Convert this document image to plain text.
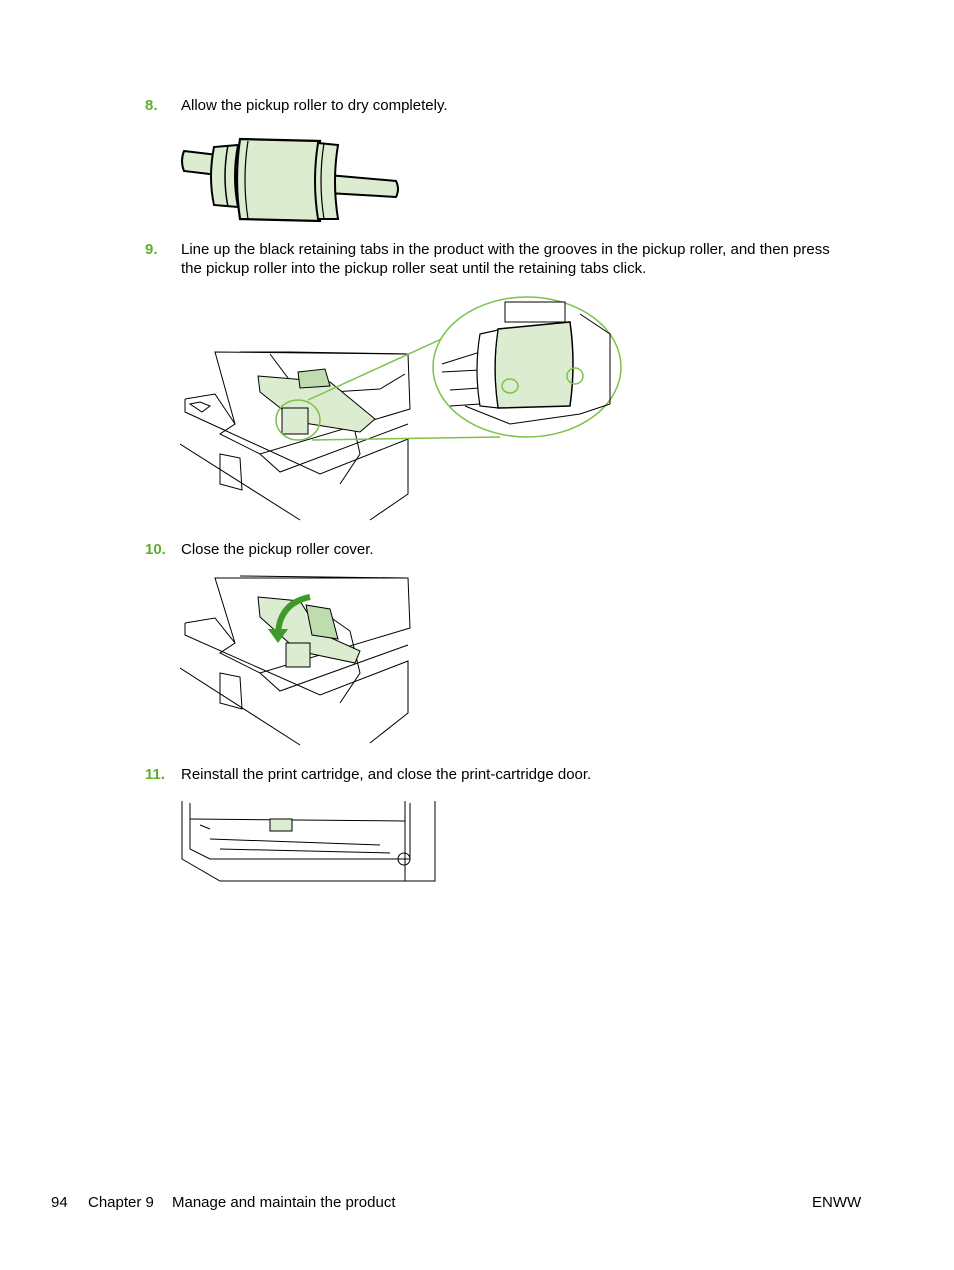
8. Allow the pickup roller to dry completely.
9. Line up the black retaining tabs in the product with the grooves in the pickup roller, and then press
the pickup roller into the pickup roller seat until the retaining tabs click.
10. Close the pickup roller cover.
11. Reinstall the print cartridge, and close the print-cartridge door.
94 Chapter 9 Manage and maintain the product	ENWW
